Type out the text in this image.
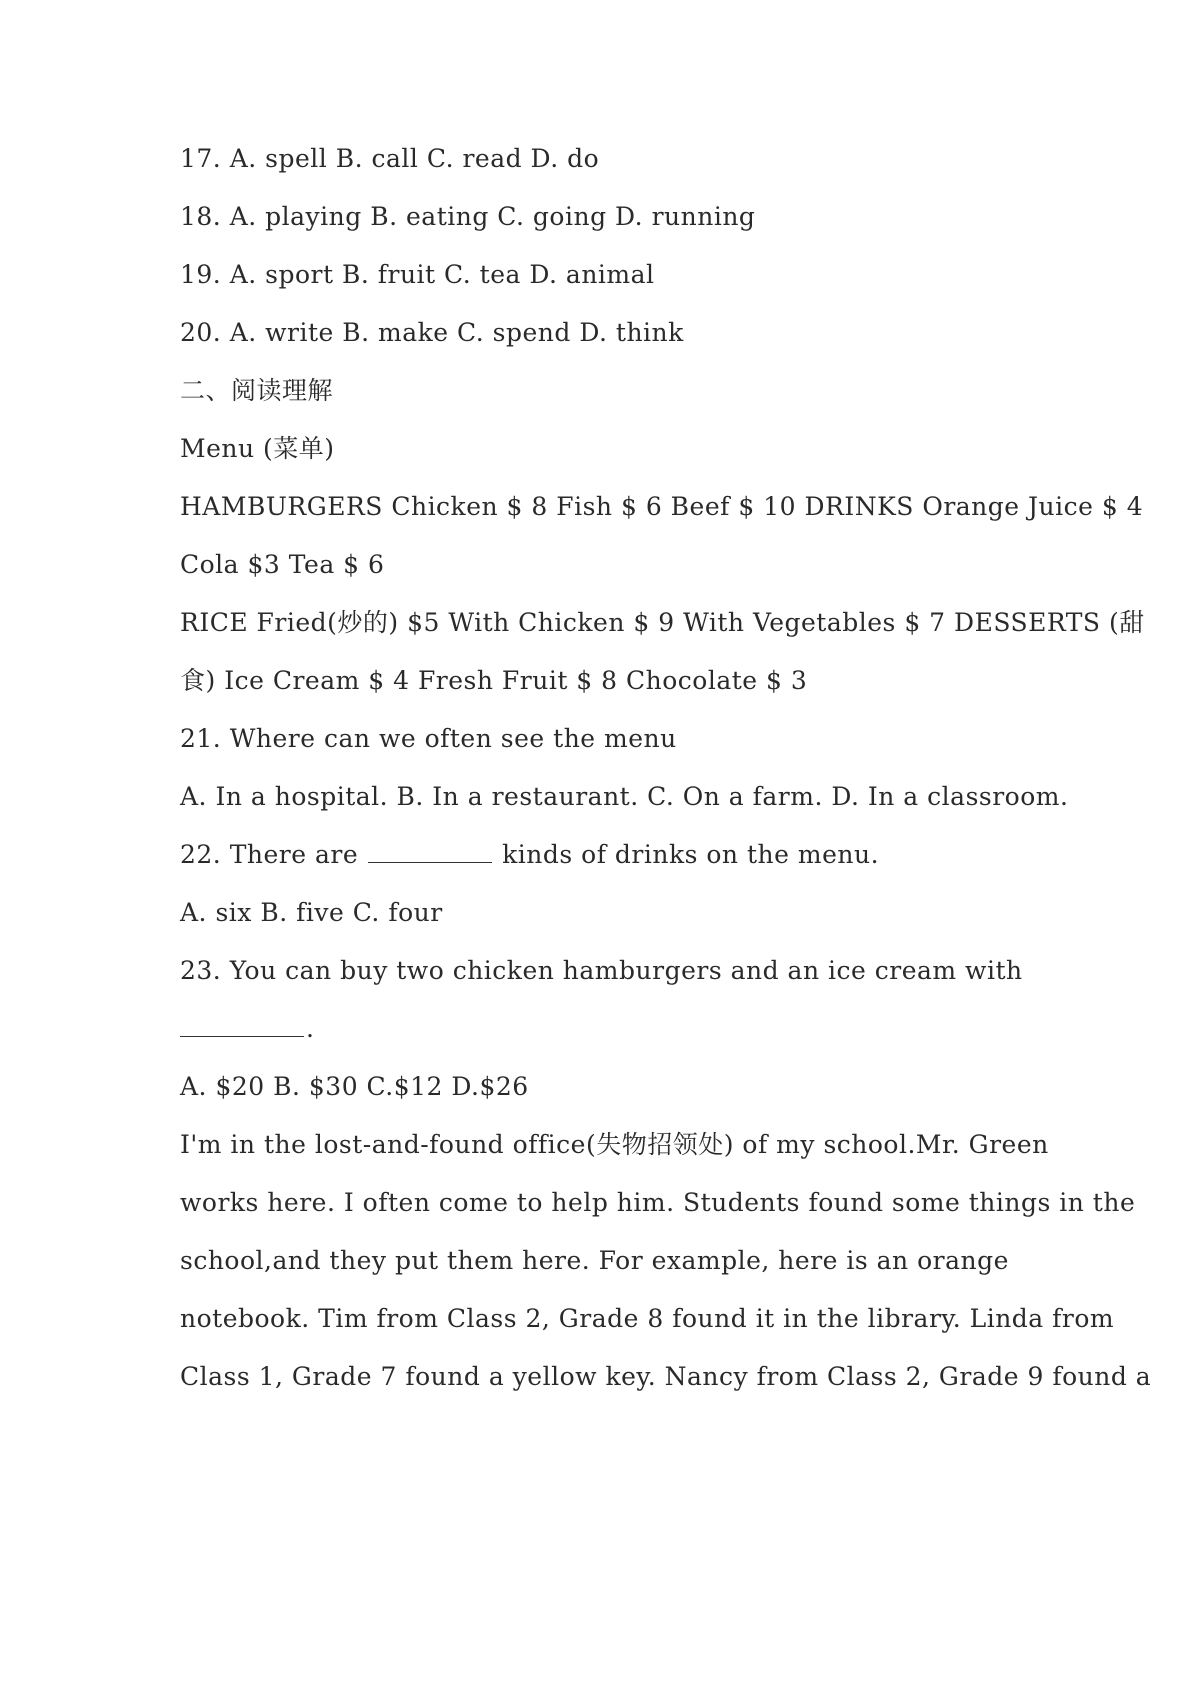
17. A. spell B. call C. read D. do
18. A. playing B. eating C. going D. running
19. A. sport B. fruit C. tea D. animal
20. A. write B. make C. spend D. think
二、阅读理解
Menu (菜单)
HAMBURGERS Chicken $ 8 Fish $ 6 Beef $ 10 DRINKS Orange Juice $ 4
Cola $3 Tea $ 6
RICE Fried(炒的) $5 With Chicken $ 9 With Vegetables $ 7 DESSERTS (甜
食) Ice Cream $ 4 Fresh Fruit $ 8 Chocolate $ 3
21. Where can we often see the menu
A. In a hospital. B. In a restaurant. C. On a farm. D. In a classroom.
22. There are	kinds of drinks on the menu.
A. six B. five C. four
23. You can buy two chicken hamburgers and an ice cream with
.
A. $20 B. $30 C.$12 D.$26
I'm in the lost-and-found office(失物招领处) of my school.Mr. Green
works here. I often come to help him. Students found some things in the
school,and they put them here. For example, here is an orange
notebook. Tim from Class 2, Grade 8 found it in the library. Linda from
Class 1, Grade 7 found a yellow key. Nancy from Class 2, Grade 9 found a
